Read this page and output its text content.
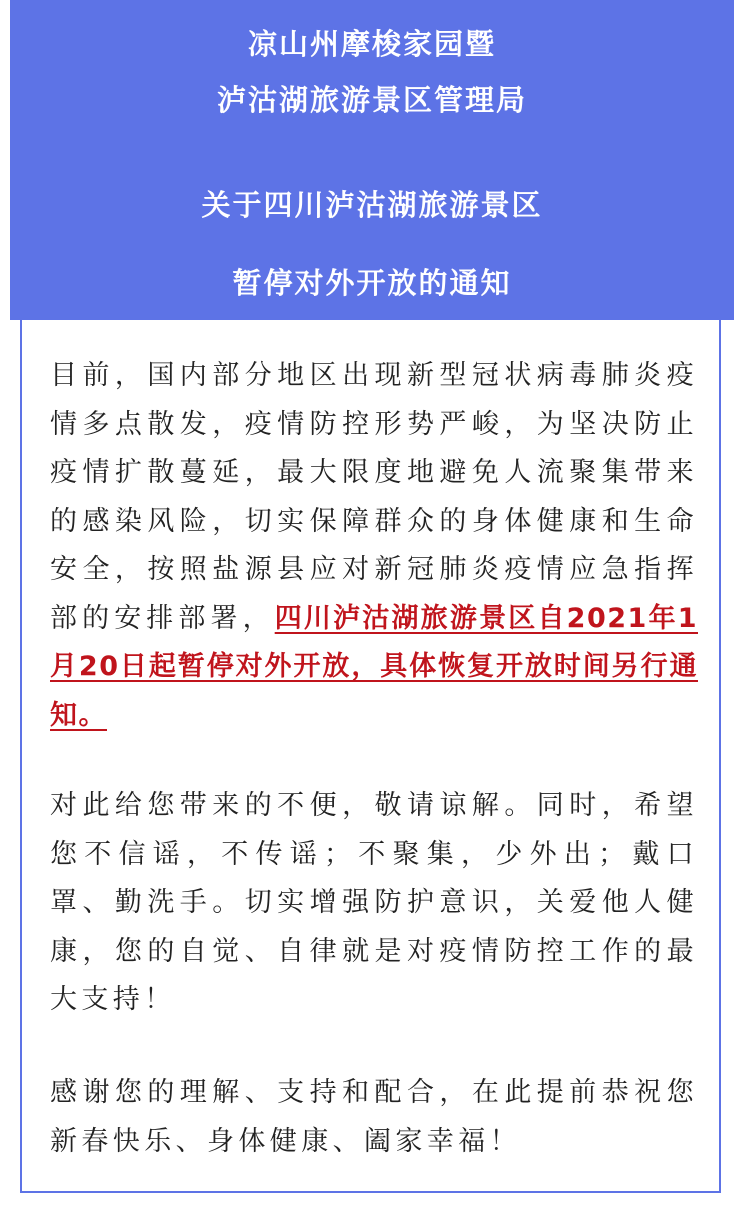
凉山州摩梭家园暨
泸沽湖旅游景区管理局
关于四川泸沽湖旅游景区
暂停对外开放的通知

目前，国内部分地区出现新型冠状病毒肺炎疫情多点散发，疫情防控形势严峻，为坚决防止疫情扩散蔓延，最大限度地避免人流聚集带来的感染风险，切实保障群众的身体健康和生命安全，按照盐源县应对新冠肺炎疫情应急指挥部的安排部署，四川泸沽湖旅游景区自2021年1月20日起暂停对外开放，具体恢复开放时间另行通知。

对此给您带来的不便，敬请谅解。同时，希望您不信谣，不传谣；不聚集，少外出；戴口罩、勤洗手。切实增强防护意识，关爱他人健康，您的自觉、自律就是对疫情防控工作的最大支持！

感谢您的理解、支持和配合，在此提前恭祝您新春快乐、身体健康、阖家幸福！
